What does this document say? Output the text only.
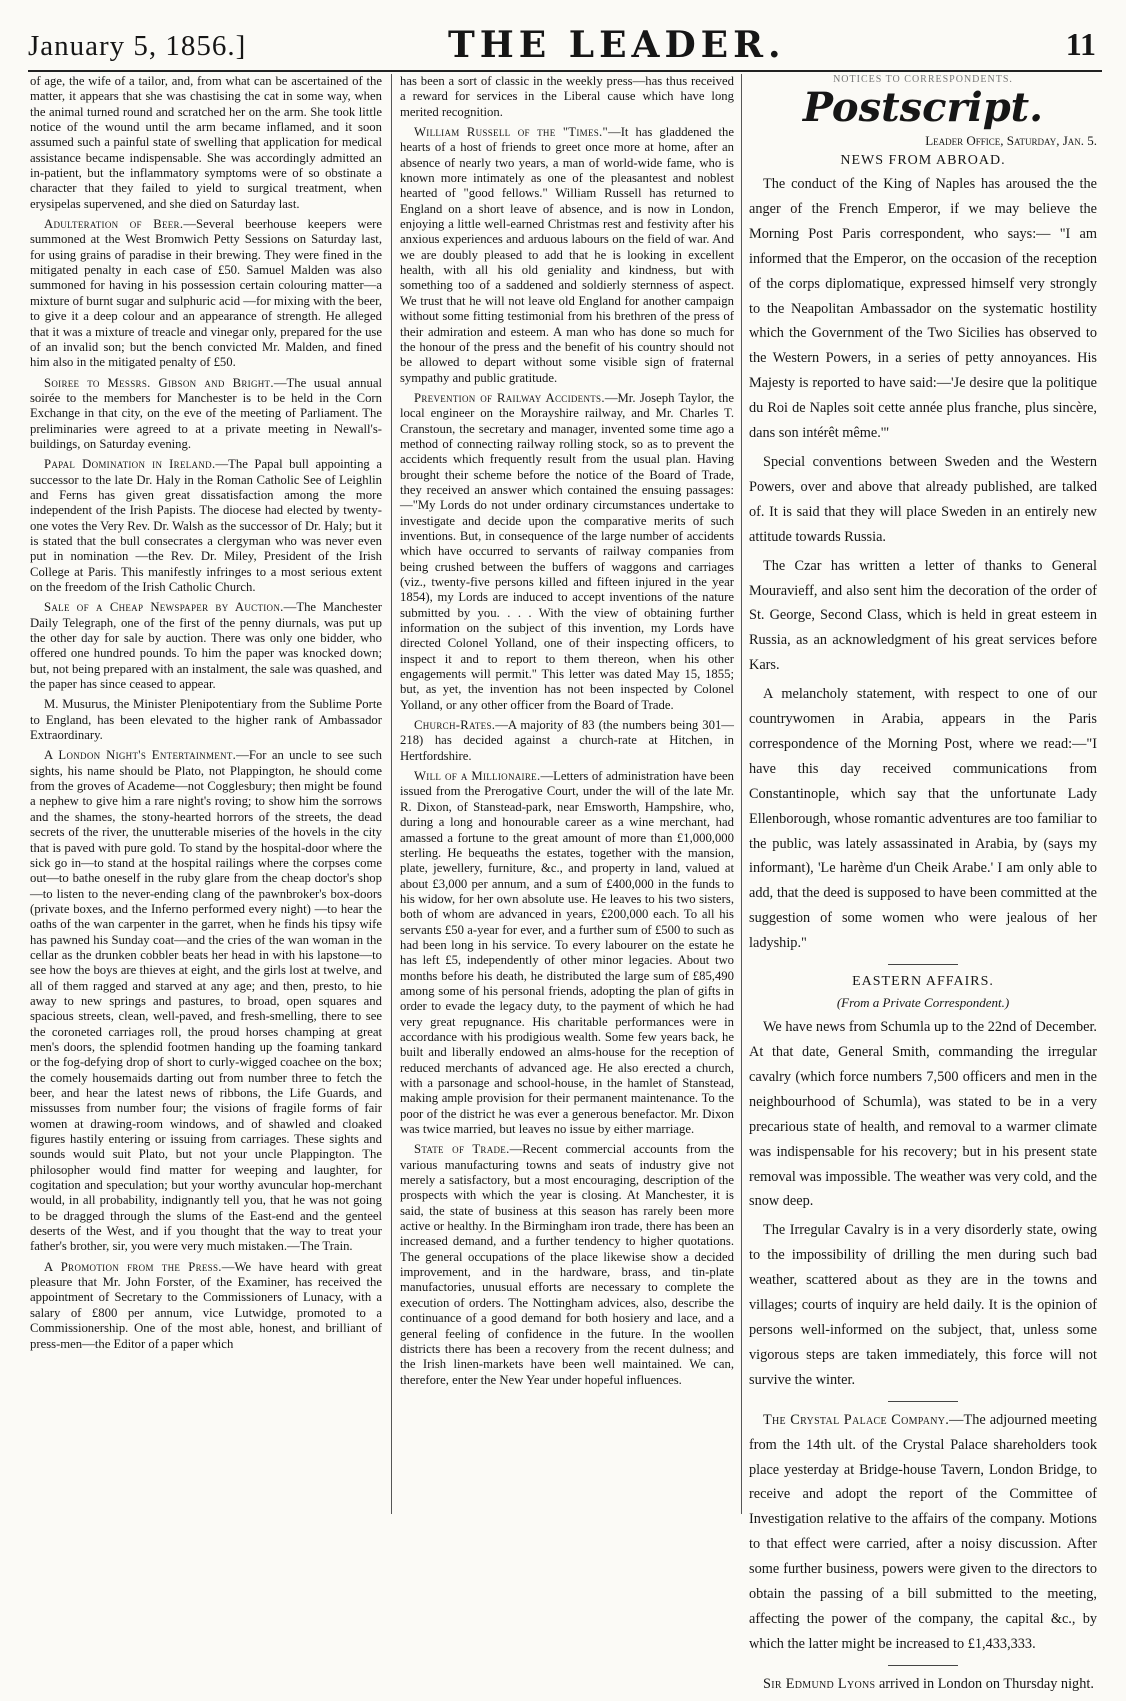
January 5, 1856.]	THE LEADER.	11

of age, the wife of a tailor, and, from what can be ascertained of the matter, it appears that she was chastising the cat in some way, when the animal turned round and scratched her on the arm. She took little notice of the wound until the arm became inflamed, and it soon assumed such a painful state of swelling that application for medical assistance became indispensable. She was accordingly admitted an in-patient, but the inflammatory symptoms were of so obstinate a character that they failed to yield to surgical treatment, when erysipelas supervened, and she died on Saturday last.

Adulteration of Beer.—Several beerhouse keepers were summoned at the West Bromwich Petty Sessions on Saturday last, for using grains of paradise in their brewing. They were fined in the mitigated penalty in each case of £50. Samuel Malden was also summoned for having in his possession certain colouring matter—a mixture of burnt sugar and sulphuric acid —for mixing with the beer, to give it a deep colour and an appearance of strength. He alleged that it was a mixture of treacle and vinegar only, prepared for the use of an invalid son; but the bench convicted Mr. Malden, and fined him also in the mitigated penalty of £50.

Soiree to Messrs. Gibson and Bright.—The usual annual soirée to the members for Manchester is to be held in the Corn Exchange in that city, on the eve of the meeting of Parliament. The preliminaries were agreed to at a private meeting in Newall's-buildings, on Saturday evening.

Papal Domination in Ireland.—The Papal bull appointing a successor to the late Dr. Haly in the Roman Catholic See of Leighlin and Ferns has given great dissatisfaction among the more independent of the Irish Papists. The diocese had elected by twenty-one votes the Very Rev. Dr. Walsh as the successor of Dr. Haly; but it is stated that the bull consecrates a clergyman who was never even put in nomination —the Rev. Dr. Miley, President of the Irish College at Paris. This manifestly infringes to a most serious extent on the freedom of the Irish Catholic Church.

Sale of a Cheap Newspaper by Auction.—The Manchester Daily Telegraph, one of the first of the penny diurnals, was put up the other day for sale by auction. There was only one bidder, who offered one hundred pounds. To him the paper was knocked down; but, not being prepared with an instalment, the sale was quashed, and the paper has since ceased to appear.

M. Musurus, the Minister Plenipotentiary from the Sublime Porte to England, has been elevated to the higher rank of Ambassador Extraordinary.

A London Night's Entertainment.—For an uncle to see such sights, his name should be Plato, not Plappington, he should come from the groves of Academe—not Cogglesbury; then might be found a nephew to give him a rare night's roving; to show him the sorrows and the shames, the stony-hearted horrors of the streets, the dead secrets of the river, the unutterable miseries of the hovels in the city that is paved with pure gold. To stand by the hospital-door where the sick go in—to stand at the hospital railings where the corpses come out—to bathe oneself in the ruby glare from the cheap doctor's shop—to listen to the never-ending clang of the pawnbroker's box-doors (private boxes, and the Inferno performed every night) —to hear the oaths of the wan carpenter in the garret, when he finds his tipsy wife has pawned his Sunday coat—and the cries of the wan woman in the cellar as the drunken cobbler beats her head in with his lapstone—to see how the boys are thieves at eight, and the girls lost at twelve, and all of them ragged and starved at any age; and then, presto, to hie away to new springs and pastures, to broad, open squares and spacious streets, clean, well-paved, and fresh-smelling, there to see the coroneted carriages roll, the proud horses champing at great men's doors, the splendid footmen handing up the foaming tankard or the fog-defying drop of short to curly-wigged coachee on the box; the comely housemaids darting out from number three to fetch the beer, and hear the latest news of ribbons, the Life Guards, and missusses from number four; the visions of fragile forms of fair women at drawing-room windows, and of shawled and cloaked figures hastily entering or issuing from carriages. These sights and sounds would suit Plato, but not your uncle Plappington. The philosopher would find matter for weeping and laughter, for cogitation and speculation; but your worthy avuncular hop-merchant would, in all probability, indignantly tell you, that he was not going to be dragged through the slums of the East-end and the genteel deserts of the West, and if you thought that the way to treat your father's brother, sir, you were very much mistaken.—The Train.

A Promotion from the Press.—We have heard with great pleasure that Mr. John Forster, of the Examiner, has received the appointment of Secretary to the Commissioners of Lunacy, with a salary of £800 per annum, vice Lutwidge, promoted to a Commissionership. One of the most able, honest, and brilliant of press-men—the Editor of a paper which

has been a sort of classic in the weekly press—has thus received a reward for services in the Liberal cause which have long merited recognition.

William Russell of the "Times."—It has gladdened the hearts of a host of friends to greet once more at home, after an absence of nearly two years, a man of world-wide fame, who is known more intimately as one of the pleasantest and noblest hearted of "good fellows." William Russell has returned to England on a short leave of absence, and is now in London, enjoying a little well-earned Christmas rest and festivity after his anxious experiences and arduous labours on the field of war. And we are doubly pleased to add that he is looking in excellent health, with all his old geniality and kindness, but with something too of a saddened and soldierly sternness of aspect. We trust that he will not leave old England for another campaign without some fitting testimonial from his brethren of the press of their admiration and esteem. A man who has done so much for the honour of the press and the benefit of his country should not be allowed to depart without some visible sign of fraternal sympathy and public gratitude.

Prevention of Railway Accidents.—Mr. Joseph Taylor, the local engineer on the Morayshire railway, and Mr. Charles T. Cranstoun, the secretary and manager, invented some time ago a method of connecting railway rolling stock, so as to prevent the accidents which frequently result from the usual plan. Having brought their scheme before the notice of the Board of Trade, they received an answer which contained the ensuing passages:—"My Lords do not under ordinary circumstances undertake to investigate and decide upon the comparative merits of such inventions. But, in consequence of the large number of accidents which have occurred to servants of railway companies from being crushed between the buffers of waggons and carriages (viz., twenty-five persons killed and fifteen injured in the year 1854), my Lords are induced to accept inventions of the nature submitted by you. . . . With the view of obtaining further information on the subject of this invention, my Lords have directed Colonel Yolland, one of their inspecting officers, to inspect it and to report to them thereon, when his other engagements will permit." This letter was dated May 15, 1855; but, as yet, the invention has not been inspected by Colonel Yolland, or any other officer from the Board of Trade.

Church-Rates.—A majority of 83 (the numbers being 301—218) has decided against a church-rate at Hitchen, in Hertfordshire.

Will of a Millionaire.—Letters of administration have been issued from the Prerogative Court, under the will of the late Mr. R. Dixon, of Stanstead-park, near Emsworth, Hampshire, who, during a long and honourable career as a wine merchant, had amassed a fortune to the great amount of more than £1,000,000 sterling. He bequeaths the estates, together with the mansion, plate, jewellery, furniture, &c., and property in land, valued at about £3,000 per annum, and a sum of £400,000 in the funds to his widow, for her own absolute use. He leaves to his two sisters, both of whom are advanced in years, £200,000 each. To all his servants £50 a-year for ever, and a further sum of £500 to such as had been long in his service. To every labourer on the estate he has left £5, independently of other minor legacies. About two months before his death, he distributed the large sum of £85,490 among some of his personal friends, adopting the plan of gifts in order to evade the legacy duty, to the payment of which he had very great repugnance. His charitable performances were in accordance with his prodigious wealth. Some few years back, he built and liberally endowed an alms-house for the reception of reduced merchants of advanced age. He also erected a church, with a parsonage and school-house, in the hamlet of Stanstead, making ample provision for their permanent maintenance. To the poor of the district he was ever a generous benefactor. Mr. Dixon was twice married, but leaves no issue by either marriage.

State of Trade.—Recent commercial accounts from the various manufacturing towns and seats of industry give not merely a satisfactory, but a most encouraging, description of the prospects with which the year is closing. At Manchester, it is said, the state of business at this season has rarely been more active or healthy. In the Birmingham iron trade, there has been an increased demand, and a further tendency to higher quotations. The general occupations of the place likewise show a decided improvement, and in the hardware, brass, and tin-plate manufactories, unusual efforts are necessary to complete the execution of orders. The Nottingham advices, also, describe the continuance of a good demand for both hosiery and lace, and a general feeling of confidence in the future. In the woollen districts there has been a recovery from the recent dulness; and the Irish linen-markets have been well maintained. We can, therefore, enter the New Year under hopeful influences.

NOTICES TO CORRESPONDENTS.
Postscript.
Leader Office, Saturday, Jan. 5.
NEWS FROM ABROAD.

The conduct of the King of Naples has aroused the the anger of the French Emperor, if we may believe the Morning Post Paris correspondent, who says:— "I am informed that the Emperor, on the occasion of the reception of the corps diplomatique, expressed himself very strongly to the Neapolitan Ambassador on the systematic hostility which the Government of the Two Sicilies has observed to the Western Powers, in a series of petty annoyances. His Majesty is reported to have said:—'Je desire que la politique du Roi de Naples soit cette année plus franche, plus sincère, dans son intérêt même.'"

Special conventions between Sweden and the Western Powers, over and above that already published, are talked of. It is said that they will place Sweden in an entirely new attitude towards Russia.

The Czar has written a letter of thanks to General Mouravieff, and also sent him the decoration of the order of St. George, Second Class, which is held in great esteem in Russia, as an acknowledgment of his great services before Kars.

A melancholy statement, with respect to one of our countrywomen in Arabia, appears in the Paris correspondence of the Morning Post, where we read:—"I have this day received communications from Constantinople, which say that the unfortunate Lady Ellenborough, whose romantic adventures are too familiar to the public, was lately assassinated in Arabia, by (says my informant), 'Le harème d'un Cheik Arabe.' I am only able to add, that the deed is supposed to have been committed at the suggestion of some women who were jealous of her ladyship."

EASTERN AFFAIRS.
(From a Private Correspondent.)

We have news from Schumla up to the 22nd of December. At that date, General Smith, commanding the irregular cavalry (which force numbers 7,500 officers and men in the neighbourhood of Schumla), was stated to be in a very precarious state of health, and removal to a warmer climate was indispensable for his recovery; but in his present state removal was impossible. The weather was very cold, and the snow deep.

The Irregular Cavalry is in a very disorderly state, owing to the impossibility of drilling the men during such bad weather, scattered about as they are in the towns and villages; courts of inquiry are held daily. It is the opinion of persons well-informed on the subject, that, unless some vigorous steps are taken immediately, this force will not survive the winter.

The Crystal Palace Company.—The adjourned meeting from the 14th ult. of the Crystal Palace shareholders took place yesterday at Bridge-house Tavern, London Bridge, to receive and adopt the report of the Committee of Investigation relative to the affairs of the company. Motions to that effect were carried, after a noisy discussion. After some further business, powers were given to the directors to obtain the passing of a bill submitted to the meeting, affecting the power of the company, the capital &c., by which the latter might be increased to £1,433,333.

Sir Edmund Lyons arrived in London on Thursday night.
